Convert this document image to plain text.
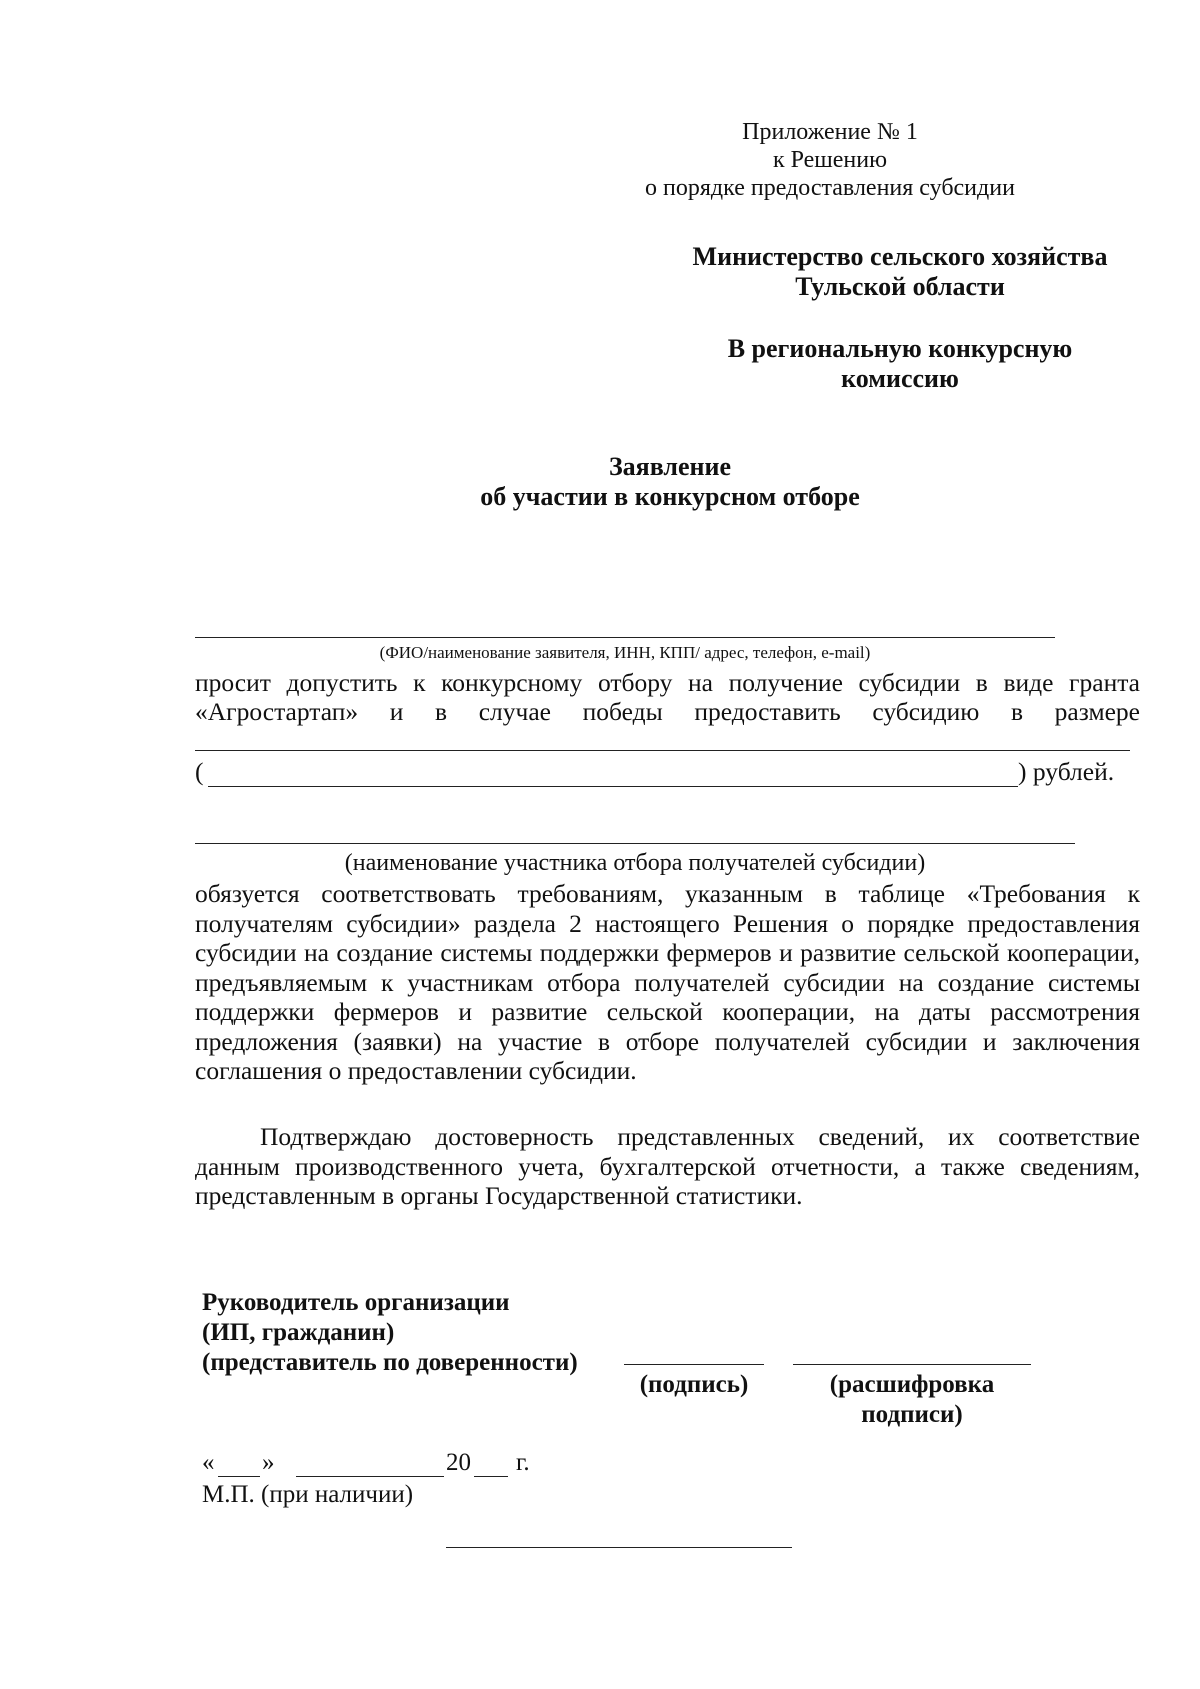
Приложение № 1
к Решению
о порядке предоставления субсидии
Министерство сельского хозяйства
Тульской области
В региональную конкурсную
комиссию
Заявление
об участии в конкурсном отборе
(ФИО/наименование заявителя, ИНН, КПП/ адрес, телефон, e-mail)
просит допустить к конкурсному отбору на получение субсидии в виде гранта
«Агростартап» и в случае победы предоставить субсидию в размере
(	) рублей.
(наименование участника отбора получателей субсидии)
обязуется соответствовать требованиям, указанным в таблице «Требования к получателям субсидии» раздела 2 настоящего Решения о порядке предоставления субсидии на создание системы поддержки фермеров и развитие сельской кооперации, предъявляемым к участникам отбора получателей субсидии на создание системы поддержки фермеров и развитие сельской кооперации, на даты рассмотрения предложения (заявки) на участие в отборе получателей субсидии и заключения соглашения о предоставлении субсидии.
Подтверждаю достоверность представленных сведений, их соответствие данным производственного учета, бухгалтерской отчетности, а также сведениям, представленным в органы Государственной статистики.
Руководитель организации
(ИП, гражданин)
(представитель по доверенности)
(подпись)	(расшифровка
подписи)
« »	20 г.
М.П. (при наличии)
